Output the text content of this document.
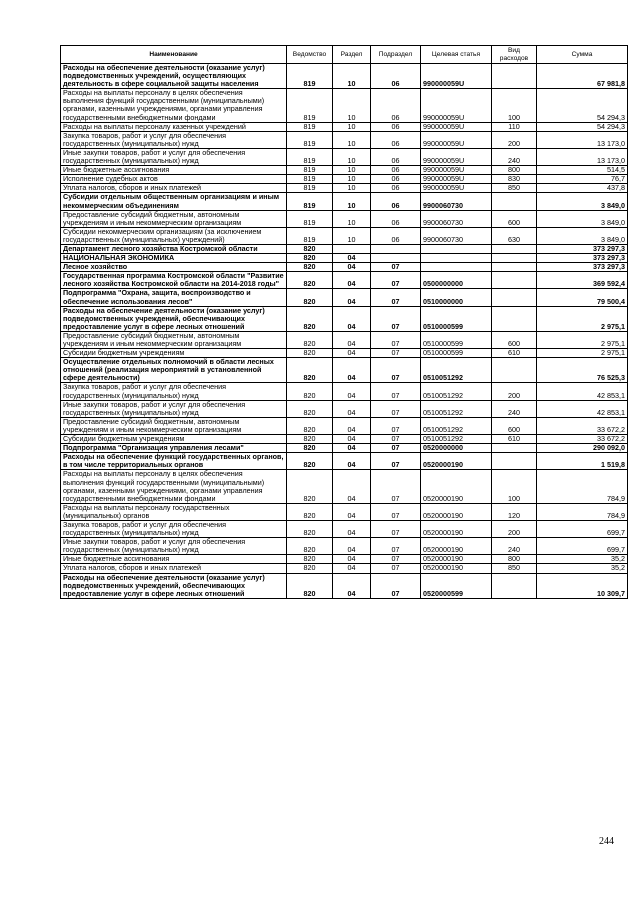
Наименование	Ведомство	Раздел	Подраздел	Целевая статья	Вид расходов	Сумма
Расходы на обеспечение деятельности (оказание услуг) подведомственных учреждений, осуществляющих деятельность в сфере социальной защиты населения	819	10	06	990000059U		67 981,8
Расходы на выплаты персоналу в целях обеспечения выполнения функций государственными (муниципальными) органами, казенными учреждениями, органами управления государственными внебюджетными фондами	819	10	06	990000059U	100	54 294,3
Расходы на выплаты персоналу казенных учреждений	819	10	06	990000059U	110	54 294,3
Закупка товаров, работ и услуг для обеспечения государственных (муниципальных) нужд	819	10	06	990000059U	200	13 173,0
Иные закупки товаров, работ и услуг для обеспечения государственных (муниципальных) нужд	819	10	06	990000059U	240	13 173,0
Иные бюджетные ассигнования	819	10	06	990000059U	800	514,5
Исполнение судебных актов	819	10	06	990000059U	830	76,7
Уплата налогов, сборов и иных платежей	819	10	06	990000059U	850	437,8
Субсидии отдельным общественным организациям и иным некоммерческим объединениям	819	10	06	9900060730		3 849,0
Предоставление субсидий бюджетным, автономным учреждениям и иным некоммерческим организациям	819	10	06	9900060730	600	3 849,0
Субсидии некоммерческим организациям (за исключением государственных (муниципальных) учреждений)	819	10	06	9900060730	630	3 849,0
Департамент лесного хозяйства Костромской области	820					373 297,3
НАЦИОНАЛЬНАЯ ЭКОНОМИКА	820	04				373 297,3
Лесное хозяйство	820	04	07			373 297,3
Государственная программа Костромской области "Развитие лесного хозяйства Костромской области на 2014-2018 годы"	820	04	07	0500000000		369 592,4
Подпрограмма "Охрана, защита, воспроизводство и обеспечение использования лесов"	820	04	07	0510000000		79 500,4
Расходы на обеспечение деятельности (оказание услуг) подведомственных учреждений, обеспечивающих предоставление услуг в сфере лесных отношений	820	04	07	0510000599		2 975,1
Предоставление субсидий бюджетным, автономным учреждениям и иным некоммерческим организациям	820	04	07	0510000599	600	2 975,1
Субсидии бюджетным учреждениям	820	04	07	0510000599	610	2 975,1
Осуществление отдельных полномочий в области лесных отношений (реализация мероприятий в установленной сфере деятельности)	820	04	07	0510051292		76 525,3
Закупка товаров, работ и услуг для обеспечения государственных (муниципальных) нужд	820	04	07	0510051292	200	42 853,1
Иные закупки товаров, работ и услуг для обеспечения государственных (муниципальных) нужд	820	04	07	0510051292	240	42 853,1
Предоставление субсидий бюджетным, автономным учреждениям и иным некоммерческим организациям	820	04	07	0510051292	600	33 672,2
Субсидии бюджетным учреждениям	820	04	07	0510051292	610	33 672,2
Подпрограмма "Организация управления лесами"	820	04	07	0520000000		290 092,0
Расходы на обеспечение функций государственных органов, в том числе территориальных органов	820	04	07	0520000190		1 519,8
Расходы на выплаты персоналу в целях обеспечения выполнения функций государственными (муниципальными) органами, казенными учреждениями, органами управления государственными внебюджетными фондами	820	04	07	0520000190	100	784,9
Расходы на выплаты персоналу государственных (муниципальных) органов	820	04	07	0520000190	120	784,9
Закупка товаров, работ и услуг для обеспечения государственных (муниципальных) нужд	820	04	07	0520000190	200	699,7
Иные закупки товаров, работ и услуг для обеспечения государственных (муниципальных) нужд	820	04	07	0520000190	240	699,7
Иные бюджетные ассигнования	820	04	07	0520000190	800	35,2
Уплата налогов, сборов и иных платежей	820	04	07	0520000190	850	35,2
Расходы на обеспечение деятельности (оказание услуг) подведомственных учреждений, обеспечивающих предоставление услуг в сфере лесных отношений	820	04	07	0520000599		10 309,7
244
